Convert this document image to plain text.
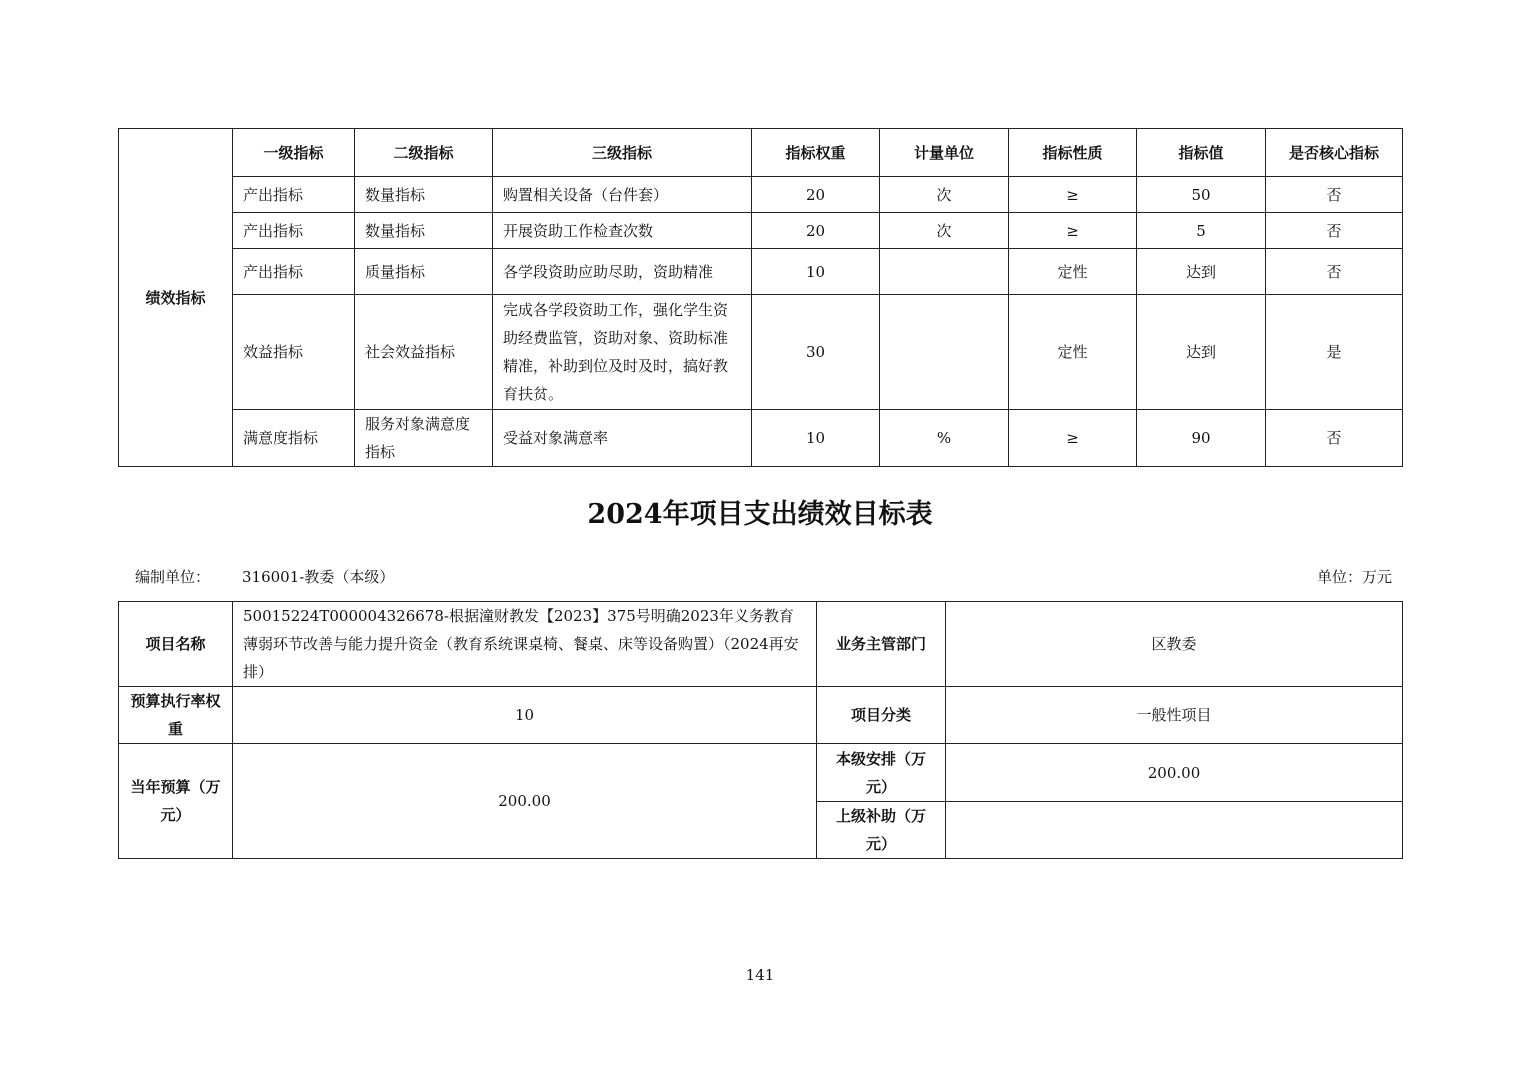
绩效指标	一级指标	二级指标	三级指标	指标权重	计量单位	指标性质	指标值	是否核心指标
	产出指标	数量指标	购置相关设备（台件套）	20	次	≥	50	否
	产出指标	数量指标	开展资助工作检查次数	20	次	≥	5	否
	产出指标	质量指标	各学段资助应助尽助，资助精准	10		定性	达到	否
	效益指标	社会效益指标	完成各学段资助工作，强化学生资助经费监管，资助对象、资助标准精准，补助到位及时及时，搞好教育扶贫。	30		定性	达到	是
	满意度指标	服务对象满意度指标	受益对象满意率	10	%	≥	90	否
2024年项目支出绩效目标表
编制单位： 316001-教委（本级）	单位：万元
项目名称	50015224T000004326678-根据潼财教发【2023】375号明确2023年义务教育薄弱环节改善与能力提升资金（教育系统课桌椅、餐桌、床等设备购置）（2024再安排）	业务主管部门	区教委
预算执行率权重	10	项目分类	一般性项目
当年预算（万元）	200.00	本级安排（万元）	200.00
		上级补助（万元）	
141
